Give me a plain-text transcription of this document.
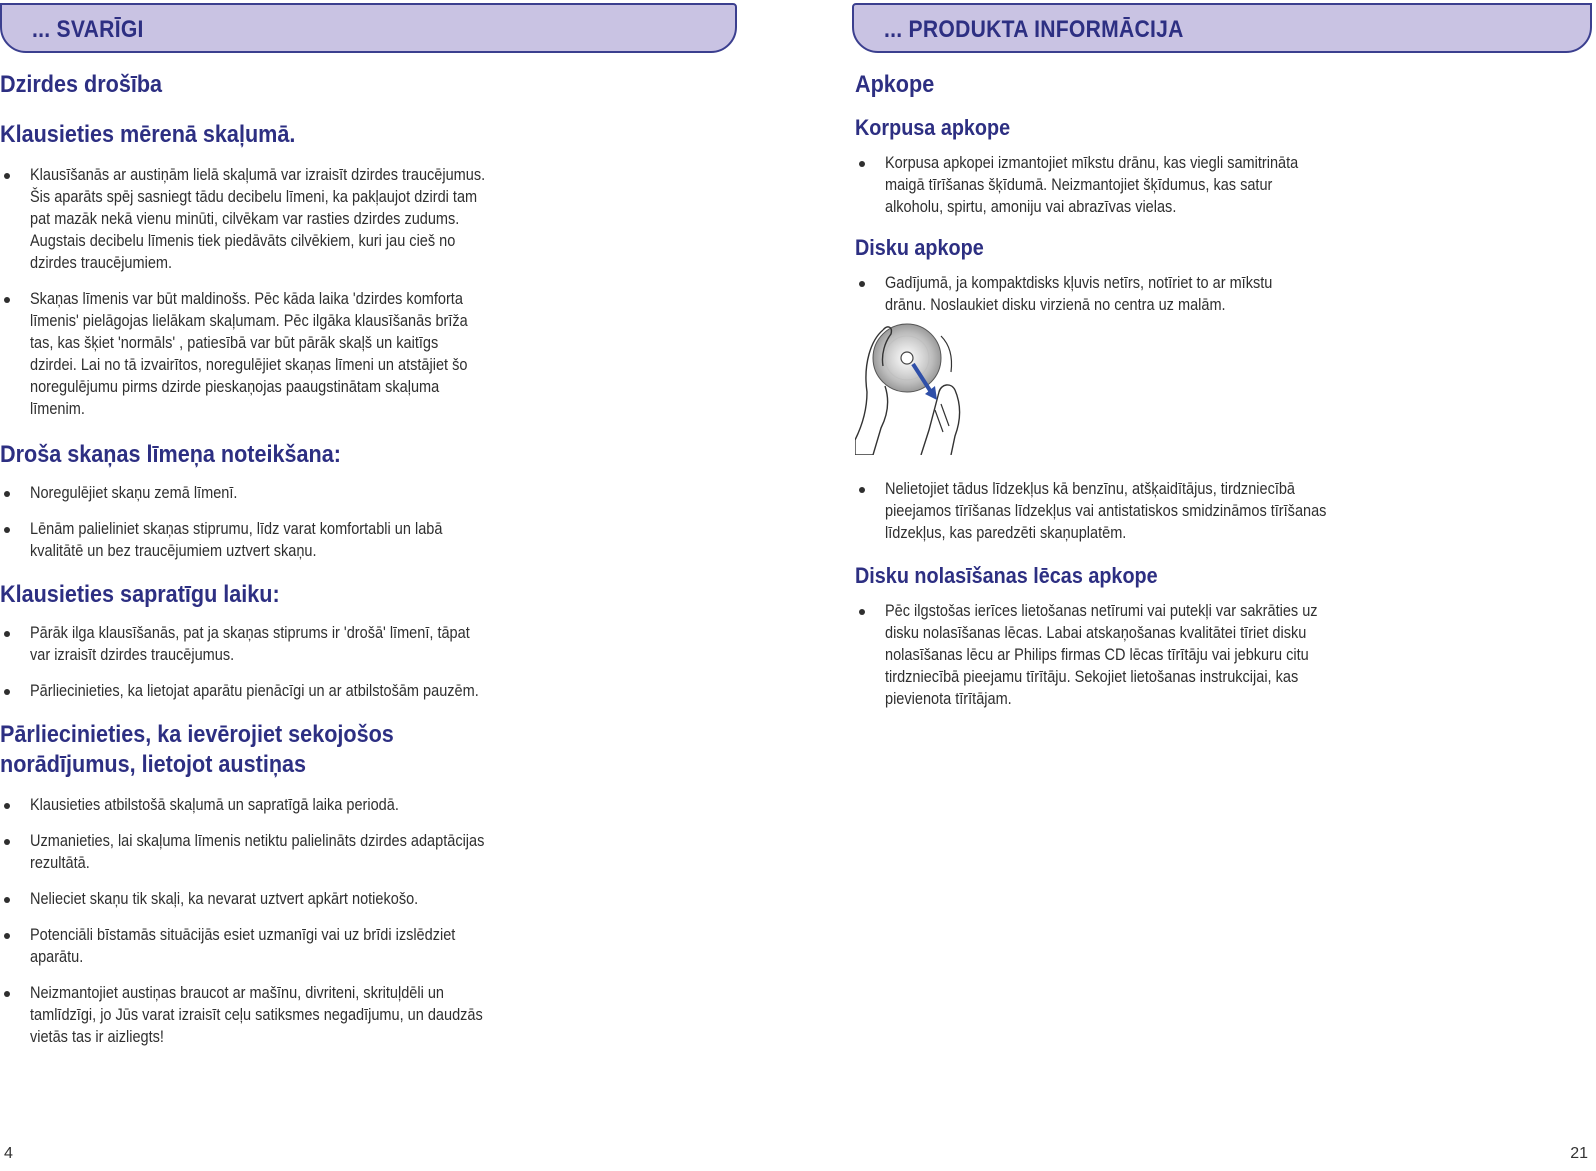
... SVARĪGI	... PRODUKTA INFORMĀCIJA
Dzirdes drošība
Klausieties mērenā skaļumā.
Klausīšanās ar austiņām lielā skaļumā var izraisīt dzirdes traucējumus. Šis aparāts spēj sasniegt tādu decibelu līmeni, ka pakļaujot dzirdi tam pat mazāk nekā vienu minūti, cilvēkam var rasties dzirdes zudums. Augstais decibelu līmenis tiek piedāvāts cilvēkiem, kuri jau cieš no dzirdes traucējumiem.
Skaņas līmenis var būt maldinošs. Pēc kāda laika 'dzirdes komforta līmenis' pielāgojas lielākam skaļumam. Pēc ilgāka klausīšanās brīža tas, kas šķiet 'normāls' , patiesībā var būt pārāk skaļš un kaitīgs dzirdei. Lai no tā izvairītos, noregulējiet skaņas līmeni un atstājiet šo noregulējumu pirms dzirde pieskaņojas paaugstinātam skaļuma līmenim.
Droša skaņas līmeņa noteikšana:
Noregulējiet skaņu zemā līmenī.
Lēnām palieliniet skaņas stiprumu, līdz varat komfortabli un labā kvalitātē un bez traucējumiem uztvert skaņu.
Klausieties sapratīgu laiku:
Pārāk ilga klausīšanās, pat ja skaņas stiprums ir 'drošā' līmenī, tāpat var izraisīt dzirdes traucējumus.
Pārliecinieties, ka lietojat aparātu pienācīgi un ar atbilstošām pauzēm.
Pārliecinieties, ka ievērojiet sekojošos norādījumus, lietojot austiņas
Klausieties atbilstošā skaļumā un sapratīgā laika periodā.
Uzmanieties, lai skaļuma līmenis netiktu palielināts dzirdes adaptācijas rezultātā.
Nelieciet skaņu tik skaļi, ka nevarat uztvert apkārt notiekošo.
Potenciāli bīstamās situācijās esiet uzmanīgi vai uz brīdi izslēdziet aparātu.
Neizmantojiet austiņas braucot ar mašīnu, divriteni, skrituļdēli un tamlīdzīgi, jo Jūs varat izraisīt ceļu satiksmes negadījumu, un daudzās vietās tas ir aizliegts!
Apkope
Korpusa apkope
Korpusa apkopei izmantojiet mīkstu drānu, kas viegli samitrināta maigā tīrīšanas šķīdumā. Neizmantojiet šķīdumus, kas satur alkoholu, spirtu, amoniju vai abrazīvas vielas.
Disku apkope
Gadījumā, ja kompaktdisks kļuvis netīrs, notīriet to ar mīkstu drānu. Noslaukiet disku virzienā no centra uz malām.
Nelietojiet tādus līdzekļus kā benzīnu, atšķaidītājus, tirdzniecībā pieejamos tīrīšanas līdzekļus vai antistatiskos smidzināmos tīrīšanas līdzekļus, kas paredzēti skaņuplatēm.
Disku nolasīšanas lēcas apkope
Pēc ilgstošas ierīces lietošanas netīrumi vai putekļi var sakrāties uz disku nolasīšanas lēcas. Labai atskaņošanas kvalitātei tīriet disku nolasīšanas lēcu ar Philips firmas CD lēcas tīrītāju vai jebkuru citu tirdzniecībā pieejamu tīrītāju. Sekojiet lietošanas instrukcijai, kas pievienota tīrītājam.
4	21
